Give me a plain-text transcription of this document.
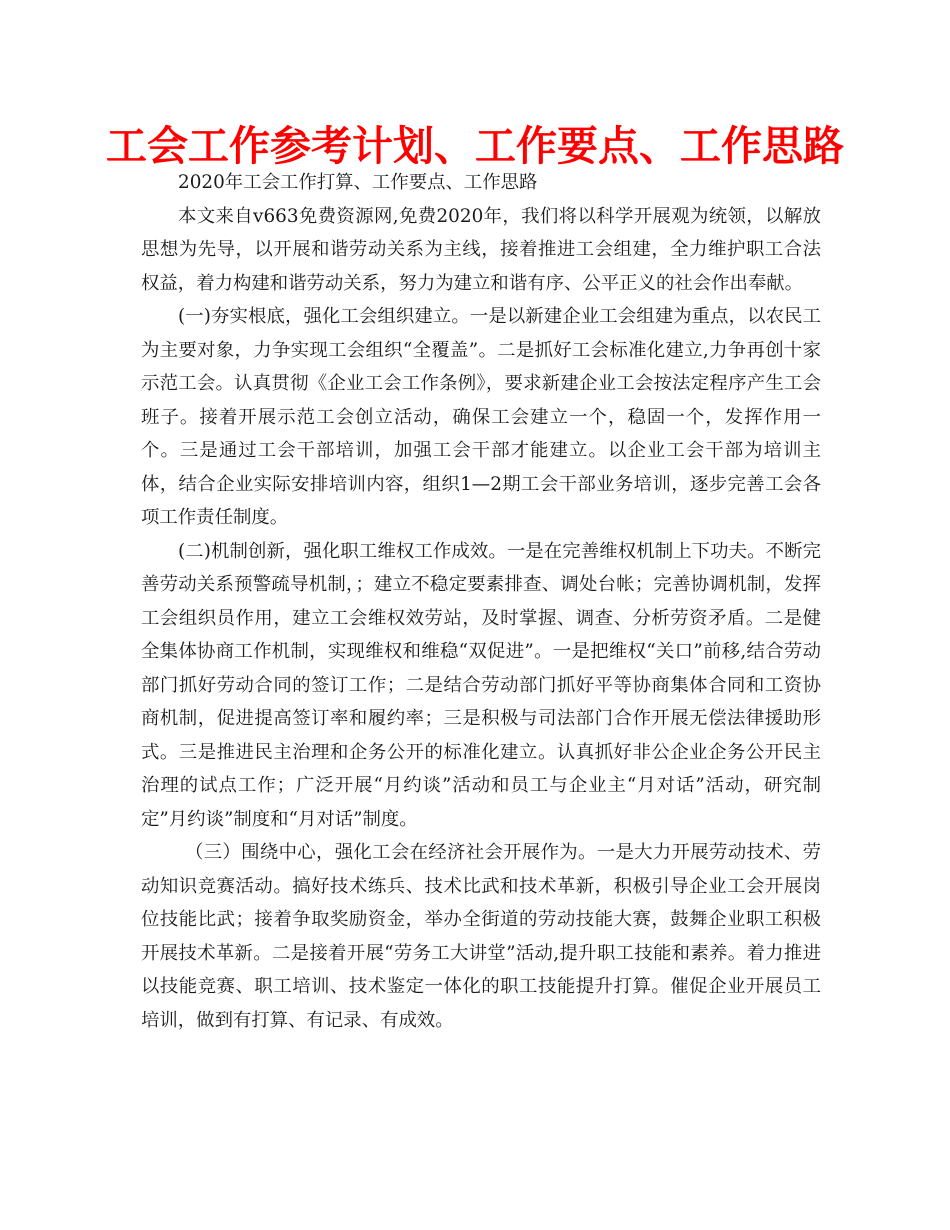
工会工作参考计划、工作要点、工作思路

2020年工会工作打算、工作要点、工作思路

本文来自v663免费资源网,免费2020年，我们将以科学开展观为统领，以解放思想为先导，以开展和谐劳动关系为主线，接着推进工会组建，全力维护职工合法权益，着力构建和谐劳动关系，努力为建立和谐有序、公平正义的社会作出奉献。

(一)夯实根底，强化工会组织建立。一是以新建企业工会组建为重点，以农民工为主要对象，力争实现工会组织“全覆盖”。二是抓好工会标准化建立,力争再创十家示范工会。认真贯彻《企业工会工作条例》，要求新建企业工会按法定程序产生工会班子。接着开展示范工会创立活动，确保工会建立一个，稳固一个，发挥作用一个。三是通过工会干部培训，加强工会干部才能建立。以企业工会干部为培训主体，结合企业实际安排培训内容，组织1—2期工会干部业务培训，逐步完善工会各项工作责任制度。

(二)机制创新，强化职工维权工作成效。一是在完善维权机制上下功夫。不断完善劳动关系预警疏导机制，；建立不稳定要素排查、调处台帐；完善协调机制，发挥工会组织员作用，建立工会维权效劳站，及时掌握、调查、分析劳资矛盾。二是健全集体协商工作机制，实现维权和维稳“双促进”。一是把维权“关口”前移,结合劳动部门抓好劳动合同的签订工作；二是结合劳动部门抓好平等协商集体合同和工资协商机制，促进提高签订率和履约率；三是积极与司法部门合作开展无偿法律援助形式。三是推进民主治理和企务公开的标准化建立。认真抓好非公企业企务公开民主治理的试点工作；广泛开展“月约谈”活动和员工与企业主“月对话”活动，研究制定”月约谈”制度和“月对话”制度。

（三）围绕中心，强化工会在经济社会开展作为。一是大力开展劳动技术、劳动知识竞赛活动。搞好技术练兵、技术比武和技术革新，积极引导企业工会开展岗位技能比武；接着争取奖励资金，举办全街道的劳动技能大赛，鼓舞企业职工积极开展技术革新。二是接着开展“劳务工大讲堂”活动,提升职工技能和素养。着力推进以技能竞赛、职工培训、技术鉴定一体化的职工技能提升打算。催促企业开展员工培训，做到有打算、有记录、有成效。
